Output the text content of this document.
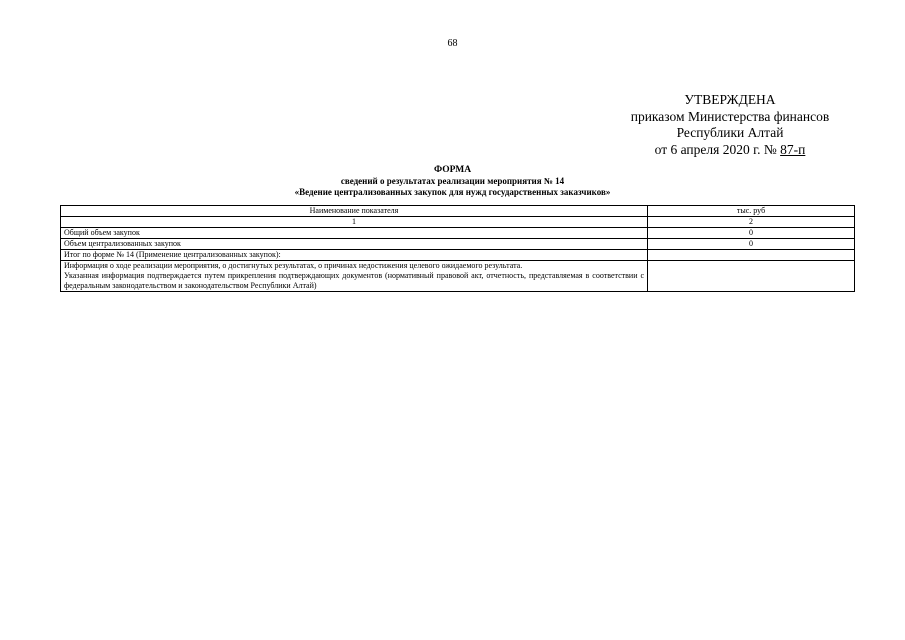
68
УТВЕРЖДЕНА
приказом Министерства финансов
Республики Алтай
от 6 апреля 2020 г. № 87-п
ФОРМА
сведений о результатах реализации мероприятия № 14
«Ведение централизованных закупок для нужд государственных заказчиков»
Наименование показателя	тыс. руб
1	2
Общий объем закупок	0
Объем централизованных закупок	0
Итог по форме № 14 (Применение централизованных закупок):	

Информация о ходе реализации мероприятия, о достигнутых результатах, о причинах недостижения целевого ожидаемого результата.
Указанная информация подтверждается путем прикрепления подтверждающих документов (нормативный правовой акт, отчетность, представляемая в соответствии с федеральным законодательством и законодательством Республики Алтай)	
